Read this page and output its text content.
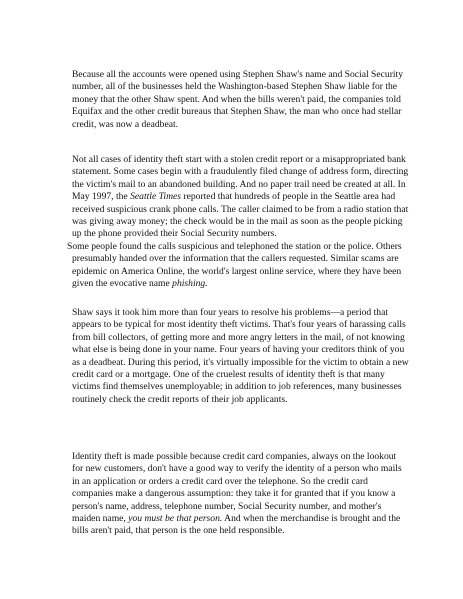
Because all the accounts were opened using Stephen Shaw's name and Social Security
number, all of the businesses held the Washington-based Stephen Shaw liable for the
money that the other Shaw spent. And when the bills weren't paid, the companies told
Equifax and the other credit bureaus that Stephen Shaw, the man who once had stellar
credit, was now a deadbeat.
Not all cases of identity theft start with a stolen credit report or a misappropriated bank
statement. Some cases begin with a fraudulently filed change of address form, directing
the victim's mail to an abandoned building. And no paper trail need be created at all. In
May 1997, the Seattle Times reported that hundreds of people in the Seattle area had
received suspicious crank phone calls. The caller claimed to be from a radio station that
was giving away money; the check would be in the mail as soon as the people picking
up the phone provided their Social Security numbers.
Some people found the calls suspicious and telephoned the station or the police. Others
presumably handed over the information that the callers requested. Similar scams are
epidemic on America Online, the world's largest online service, where they have been
given the evocative name phishing.
Shaw says it took him more than four years to resolve his problems—a period that
appears to be typical for most identity theft victims. That's four years of harassing calls
from bill collectors, of getting more and more angry letters in the mail, of not knowing
what else is being done in your name. Four years of having your creditors think of you
as a deadbeat. During this period, it's virtually impossible for the victim to obtain a new
credit card or a mortgage. One of the cruelest results of identity theft is that many
victims find themselves unemployable; in addition to job references, many businesses
routinely check the credit reports of their job applicants.
Identity theft is made possible because credit card companies, always on the lookout
for new customers, don't have a good way to verify the identity of a person who mails
in an application or orders a credit card over the telephone. So the credit card
companies make a dangerous assumption: they take it for granted that if you know a
person's name, address, telephone number, Social Security number, and mother's
maiden name, you must be that person. And when the merchandise is brought and the
bills aren't paid, that person is the one held responsible.
